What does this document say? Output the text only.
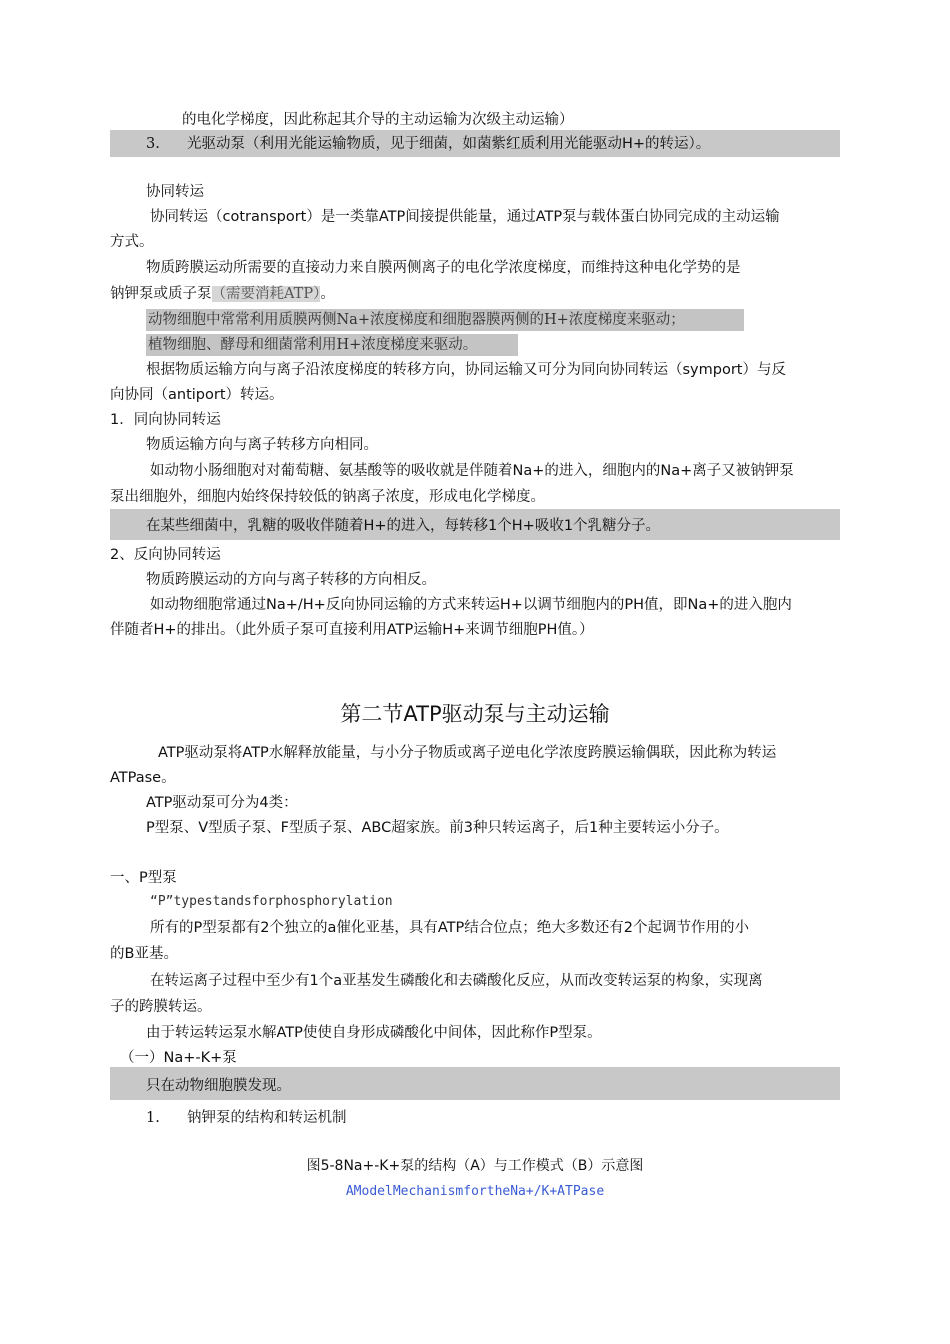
的电化学梯度，因此称起其介导的主动运输为次级主动运输）
3. 光驱动泵（利用光能运输物质，见于细菌，如菌紫红质利用光能驱动H+的转运）。
协同转运
协同转运（cotransport）是一类靠ATP间接提供能量，通过ATP泵与载体蛋白协同完成的主动运输
方式。
物质跨膜运动所需要的直接动力来自膜两侧离子的电化学浓度梯度，而维持这种电化学势的是
钠钾泵或质子泵（需要消耗ATP）。
动物细胞中常常利用质膜两侧Na+浓度梯度和细胞器膜两侧的H+浓度梯度来驱动；
植物细胞、酵母和细菌常利用H+浓度梯度来驱动。
根据物质运输方向与离子沿浓度梯度的转移方向，协同运输又可分为同向协同转运（symport）与反
向协同（antiport）转运。
1．同向协同转运
物质运输方向与离子转移方向相同。
如动物小肠细胞对对葡萄糖、氨基酸等的吸收就是伴随着Na+的进入，细胞内的Na+离子又被钠钾泵
泵出细胞外，细胞内始终保持较低的钠离子浓度，形成电化学梯度。
在某些细菌中，乳糖的吸收伴随着H+的进入，每转移1个H+吸收1个乳糖分子。
2、反向协同转运
物质跨膜运动的方向与离子转移的方向相反。
如动物细胞常通过Na+/H+反向协同运输的方式来转运H+以调节细胞内的PH值，即Na+的进入胞内
伴随者H+的排出。（此外质子泵可直接利用ATP运输H+来调节细胞PH值。）
第二节ATP驱动泵与主动运输
ATP驱动泵将ATP水解释放能量，与小分子物质或离子逆电化学浓度跨膜运输偶联，因此称为转运
ATPase。
ATP驱动泵可分为4类：
P型泵、V型质子泵、F型质子泵、ABC超家族。前3种只转运离子，后1种主要转运小分子。
一、P型泵
“P”typestandsforphosphorylation
所有的P型泵都有2个独立的a催化亚基，具有ATP结合位点；绝大多数还有2个起调节作用的小
的B亚基。
在转运离子过程中至少有1个a亚基发生磷酸化和去磷酸化反应，从而改变转运泵的构象，实现离
子的跨膜转运。
由于转运转运泵水解ATP使使自身形成磷酸化中间体，因此称作P型泵。
（一）Na+-K+泵
只在动物细胞膜发现。
1. 钠钾泵的结构和转运机制
图5-8Na+-K+泵的结构（A）与工作模式（B）示意图
AModelMechanismfortheNa+/K+ATPase
